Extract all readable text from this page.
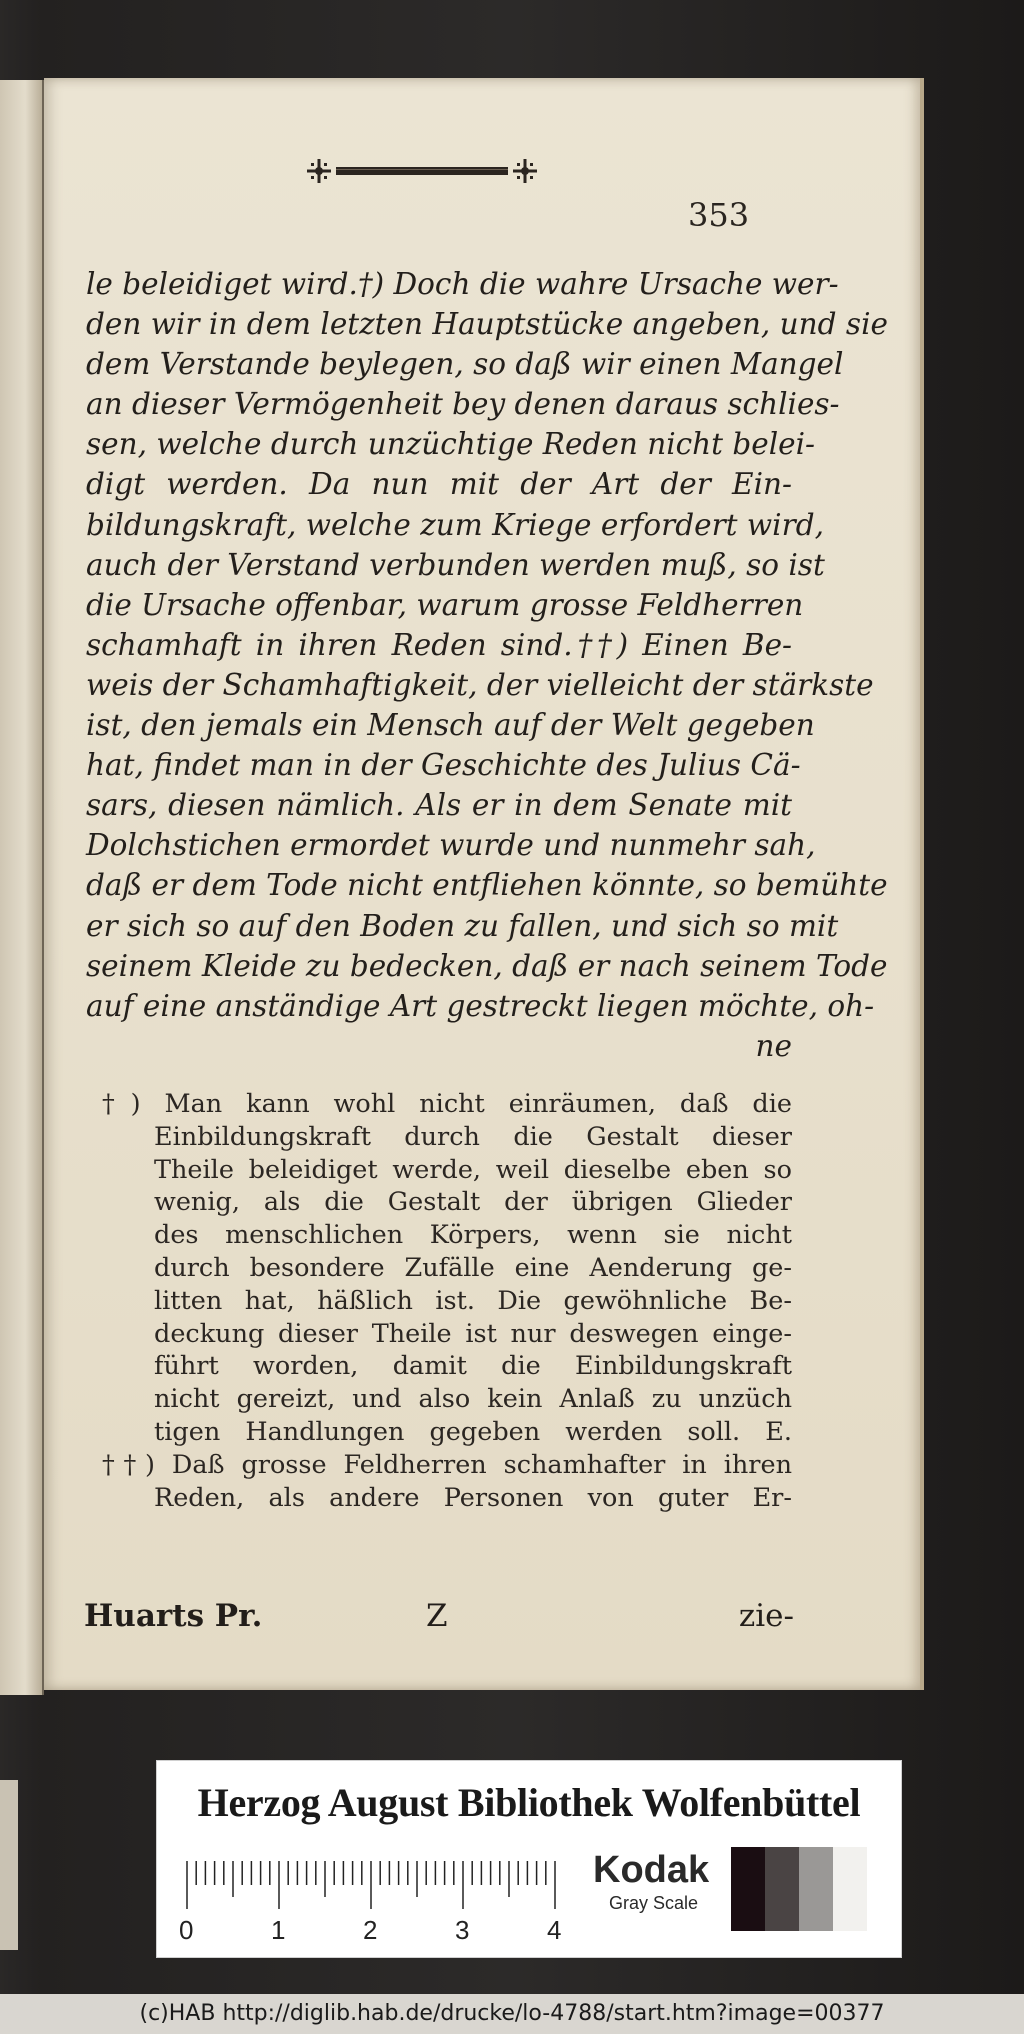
353
le beleidiget wird.†) Doch die wahre Ursache wer-
den wir in dem letzten Hauptstücke angeben, und sie
dem Verstande beylegen, so daß wir einen Mangel
an dieser Vermögenheit bey denen daraus schlies-
sen, welche durch unzüchtige Reden nicht belei-
digt werden. Da nun mit der Art der Ein-
bildungskraft, welche zum Kriege erfordert wird,
auch der Verstand verbunden werden muß, so ist
die Ursache offenbar, warum grosse Feldherren
schamhaft in ihren Reden sind.††) Einen Be-
weis der Schamhaftigkeit, der vielleicht der stärkste
ist, den jemals ein Mensch auf der Welt gegeben
hat, findet man in der Geschichte des Julius Cä-
sars, diesen nämlich. Als er in dem Senate mit
Dolchstichen ermordet wurde und nunmehr sah,
daß er dem Tode nicht entfliehen könnte, so bemühte
er sich so auf den Boden zu fallen, und sich so mit
seinem Kleide zu bedecken, daß er nach seinem Tode
auf eine anständige Art gestreckt liegen möchte, oh-
ne
†) Man kann wohl nicht einräumen, daß die
Einbildungskraft durch die Gestalt dieser
Theile beleidiget werde, weil dieselbe eben so
wenig, als die Gestalt der übrigen Glieder
des menschlichen Körpers, wenn sie nicht
durch besondere Zufälle eine Aenderung ge-
litten hat, häßlich ist. Die gewöhnliche Be-
deckung dieser Theile ist nur deswegen einge-
führt worden, damit die Einbildungskraft
nicht gereizt, und also kein Anlaß zu unzüch
tigen Handlungen gegeben werden soll. E.
††) Daß grosse Feldherren schamhafter in ihren
Reden, als andere Personen von guter Er-
Huarts Pr.	Z	zie-
Herzog August Bibliothek Wolfenbüttel
0	1	2	3	4
Kodak
Gray Scale
(c)HAB http://diglib.hab.de/drucke/lo-4788/start.htm?image=00377
